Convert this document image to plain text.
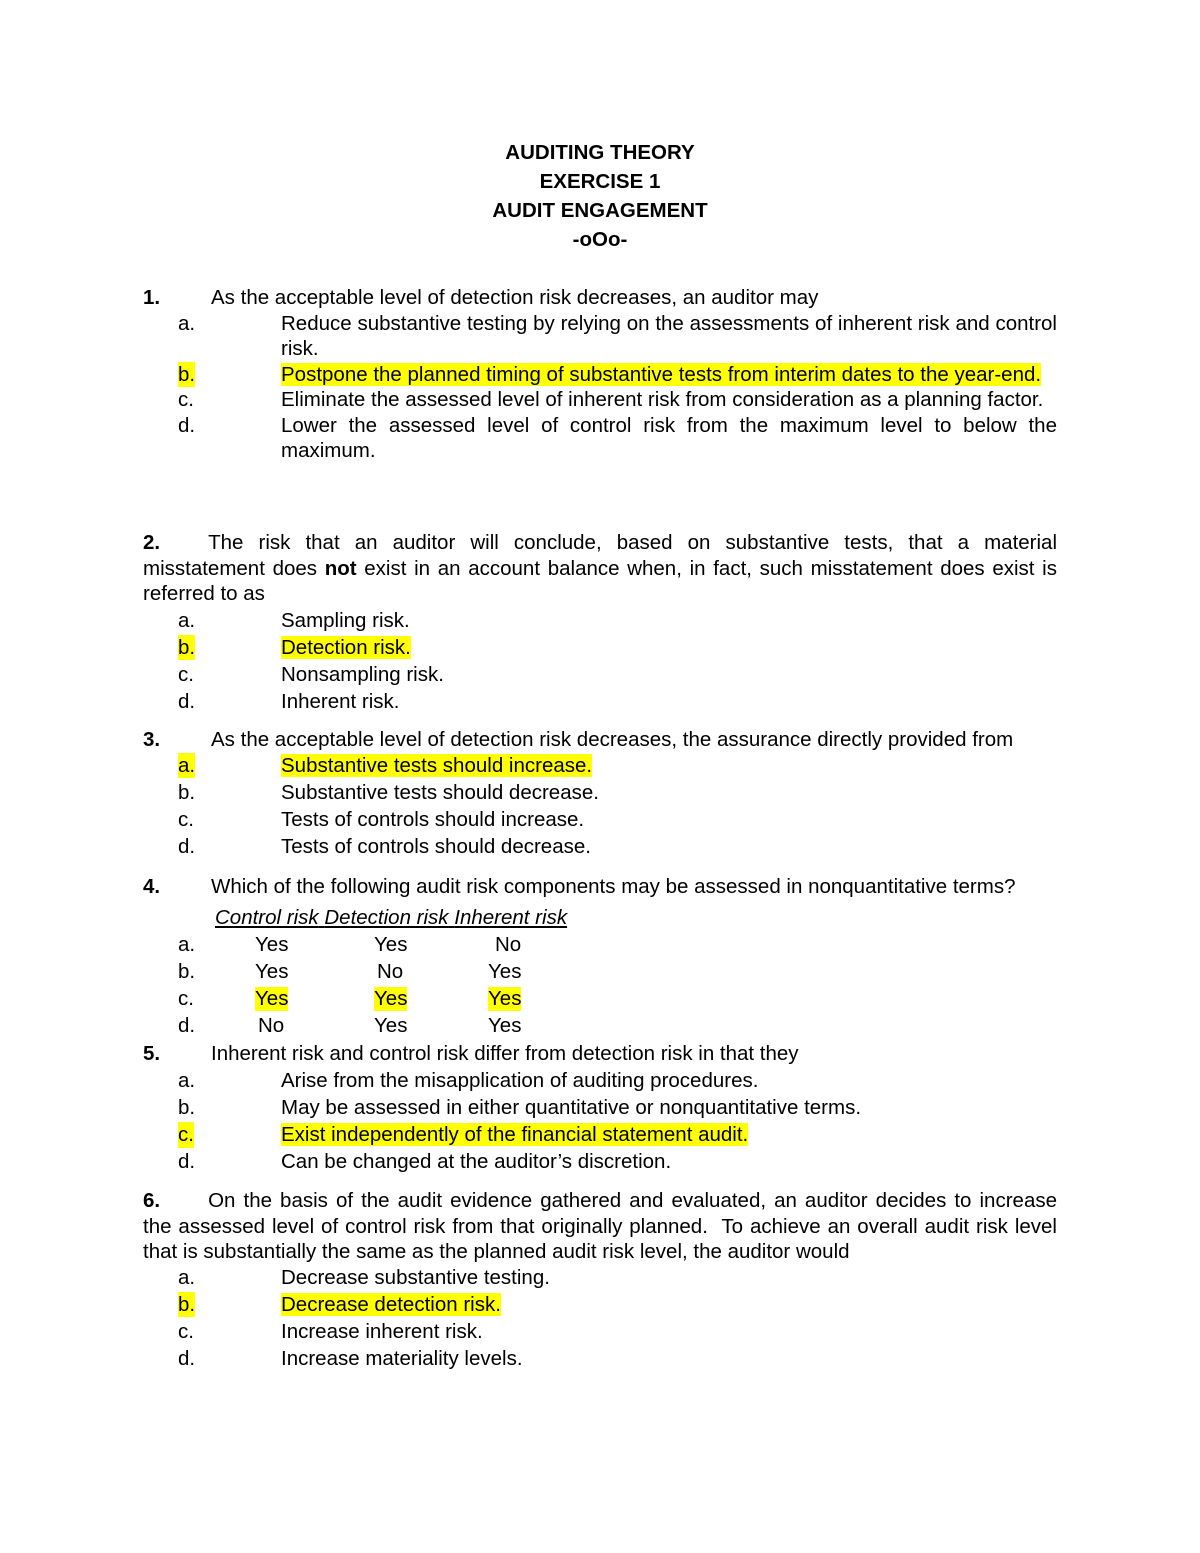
AUDITING THEORY
EXERCISE 1
AUDIT ENGAGEMENT
-oOo-
1. As the acceptable level of detection risk decreases, an auditor may
a.	Reduce substantive testing by relying on the assessments of inherent risk and control risk.
b.	Postpone the planned timing of substantive tests from interim dates to the year-end.
c.	Eliminate the assessed level of inherent risk from consideration as a planning factor.
d.	Lower the assessed level of control risk from the maximum level to below the maximum.
2. The risk that an auditor will conclude, based on substantive tests, that a material misstatement does not exist in an account balance when, in fact, such misstatement does exist is referred to as
a.	Sampling risk.
b.	Detection risk.
c.	Nonsampling risk.
d.	Inherent risk.
3. As the acceptable level of detection risk decreases, the assurance directly provided from
a.	Substantive tests should increase.
b.	Substantive tests should decrease.
c.	Tests of controls should increase.
d.	Tests of controls should decrease.
4. Which of the following audit risk components may be assessed in nonquantitative terms?
Control risk Detection risk Inherent risk
a.	Yes	Yes	No
b.	Yes	No	Yes
c.	Yes	Yes	Yes
d.	No	Yes	Yes
5. Inherent risk and control risk differ from detection risk in that they
a.	Arise from the misapplication of auditing procedures.
b.	May be assessed in either quantitative or nonquantitative terms.
c.	Exist independently of the financial statement audit.
d.	Can be changed at the auditor’s discretion.
6. On the basis of the audit evidence gathered and evaluated, an auditor decides to increase the assessed level of control risk from that originally planned.  To achieve an overall audit risk level that is substantially the same as the planned audit risk level, the auditor would
a.	Decrease substantive testing.
b.	Decrease detection risk.
c.	Increase inherent risk.
d.	Increase materiality levels.
